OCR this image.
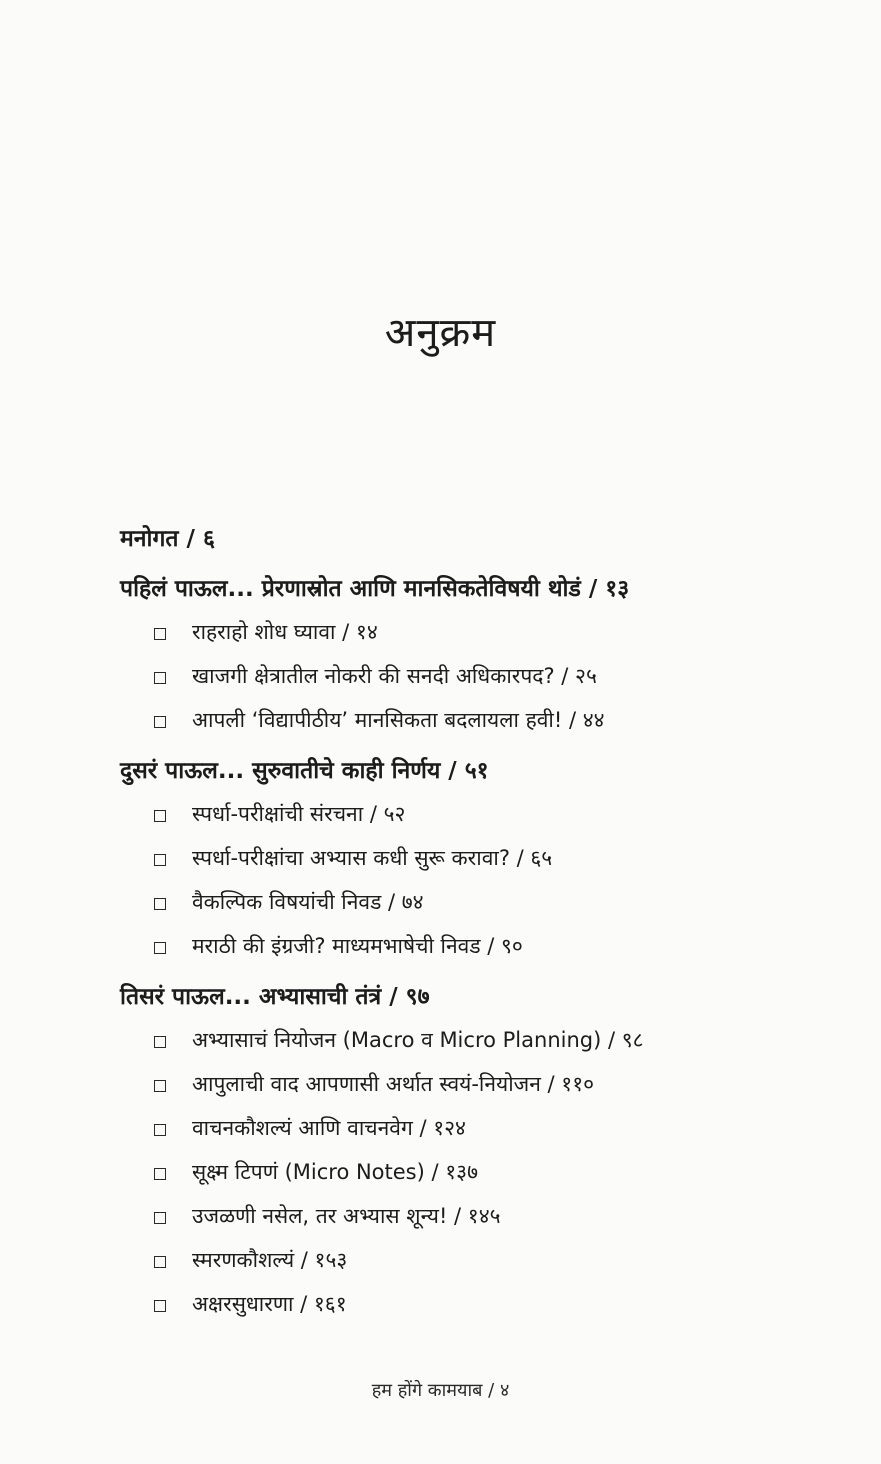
अनुक्रम

मनोगत / ६

पहिलं पाऊल... प्रेरणास्रोत आणि मानसिकतेविषयी थोडं / १३

राहराहो शोध घ्यावा / १४
खाजगी क्षेत्रातील नोकरी की सनदी अधिकारपद? / २५
आपली ‘विद्यापीठीय’ मानसिकता बदलायला हवी! / ४४

दुसरं पाऊल... सुरुवातीचे काही निर्णय / ५१

स्पर्धा-परीक्षांची संरचना / ५२
स्पर्धा-परीक्षांचा अभ्यास कधी सुरू करावा? / ६५
वैकल्पिक विषयांची निवड / ७४
मराठी की इंग्रजी? माध्यमभाषेची निवड / ९०

तिसरं पाऊल... अभ्यासाची तंत्रं / ९७

अभ्यासाचं नियोजन (Macro व Micro Planning) / ९८
आपुलाची वाद आपणासी अर्थात स्वयं-नियोजन / ११०
वाचनकौशल्यं आणि वाचनवेग / १२४
सूक्ष्म टिपणं (Micro Notes) / १३७
उजळणी नसेल, तर अभ्यास शून्य! / १४५
स्मरणकौशल्यं / १५३
अक्षरसुधारणा / १६१
हम होंगे कामयाब / ४
